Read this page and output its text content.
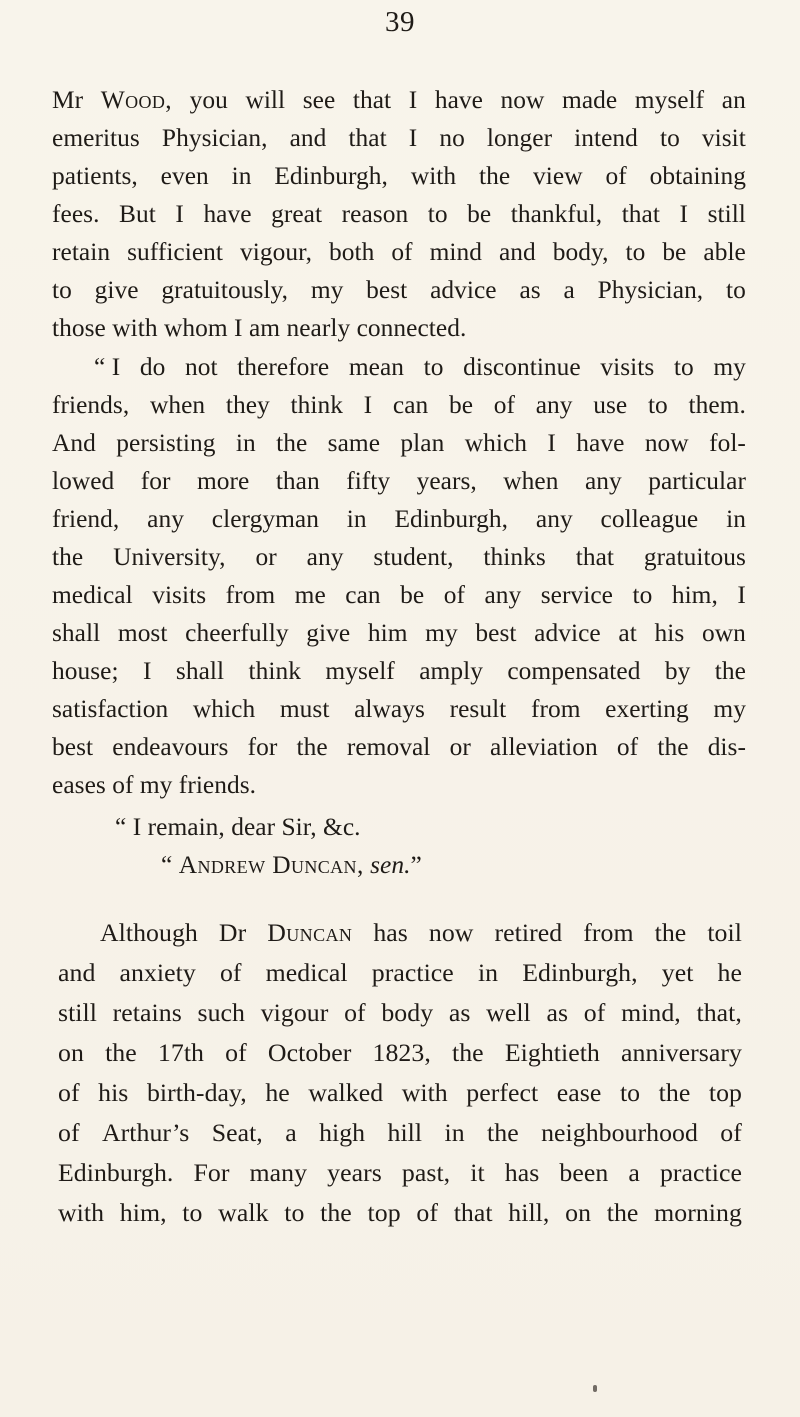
39
Mr Wood, you will see that I have now made myself an
emeritus Physician, and that I no longer intend to visit
patients, even in Edinburgh, with the view of obtaining
fees. But I have great reason to be thankful, that I still
retain sufficient vigour, both of mind and body, to be able
to give gratuitously, my best advice as a Physician, to
those with whom I am nearly connected.
“ I do not therefore mean to discontinue visits to my
friends, when they think I can be of any use to them.
And persisting in the same plan which I have now fol-
lowed for more than fifty years, when any particular
friend, any clergyman in Edinburgh, any colleague in
the University, or any student, thinks that gratuitous
medical visits from me can be of any service to him, I
shall most cheerfully give him my best advice at his own
house; I shall think myself amply compensated by the
satisfaction which must always result from exerting my
best endeavours for the removal or alleviation of the dis-
eases of my friends.
“ I remain, dear Sir, &c.
“ Andrew Duncan, sen.”
Although Dr Duncan has now retired from the toil
and anxiety of medical practice in Edinburgh, yet he
still retains such vigour of body as well as of mind, that,
on the 17th of October 1823, the Eightieth anniversary
of his birth-day, he walked with perfect ease to the top
of Arthur’s Seat, a high hill in the neighbourhood of
Edinburgh. For many years past, it has been a practice
with him, to walk to the top of that hill, on the morning
